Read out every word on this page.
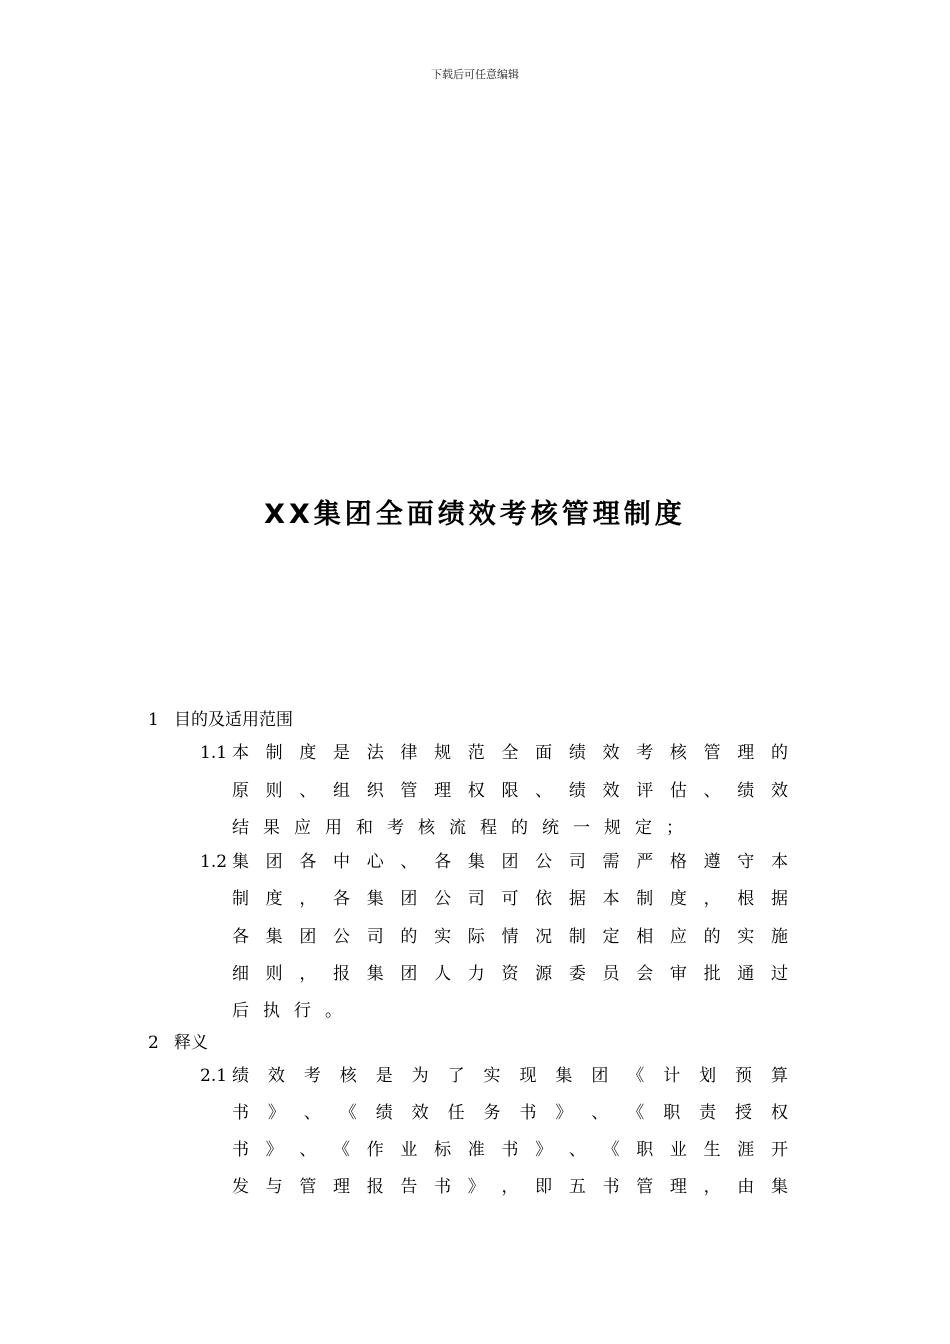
下载后可任意编辑
XX集团全面绩效考核管理制度
1 目的及适用范围
1.1 本 制 度 是 法 律 规 范 全 面 绩 效 考 核 管 理 的
原 则 、 组 织 管 理 权 限 、 绩 效 评 估 、 绩 效
结果应用和考核流程的统一规定；
1.2 集 团 各 中 心 、 各 集 团 公 司 需 严 格 遵 守 本
制 度 ， 各 集 团 公 司 可 依 据 本 制 度 ， 根 据
各 集 团 公 司 的 实 际 情 况 制 定 相 应 的 实 施
细 则 ， 报 集 团 人 力 资 源 委 员 会 审 批 通 过
后执行。
2 释义
2.1 绩 效 考 核 是 为 了 实 现 集 团 《 计 划 预 算
书 》 、 《 绩 效 任 务 书 》 、 《 职 责 授 权
书 》 、 《 作 业 标 准 书 》 、 《 职 业 生 涯 开
发 与 管 理 报 告 书 》 ， 即 五 书 管 理 ， 由 集
